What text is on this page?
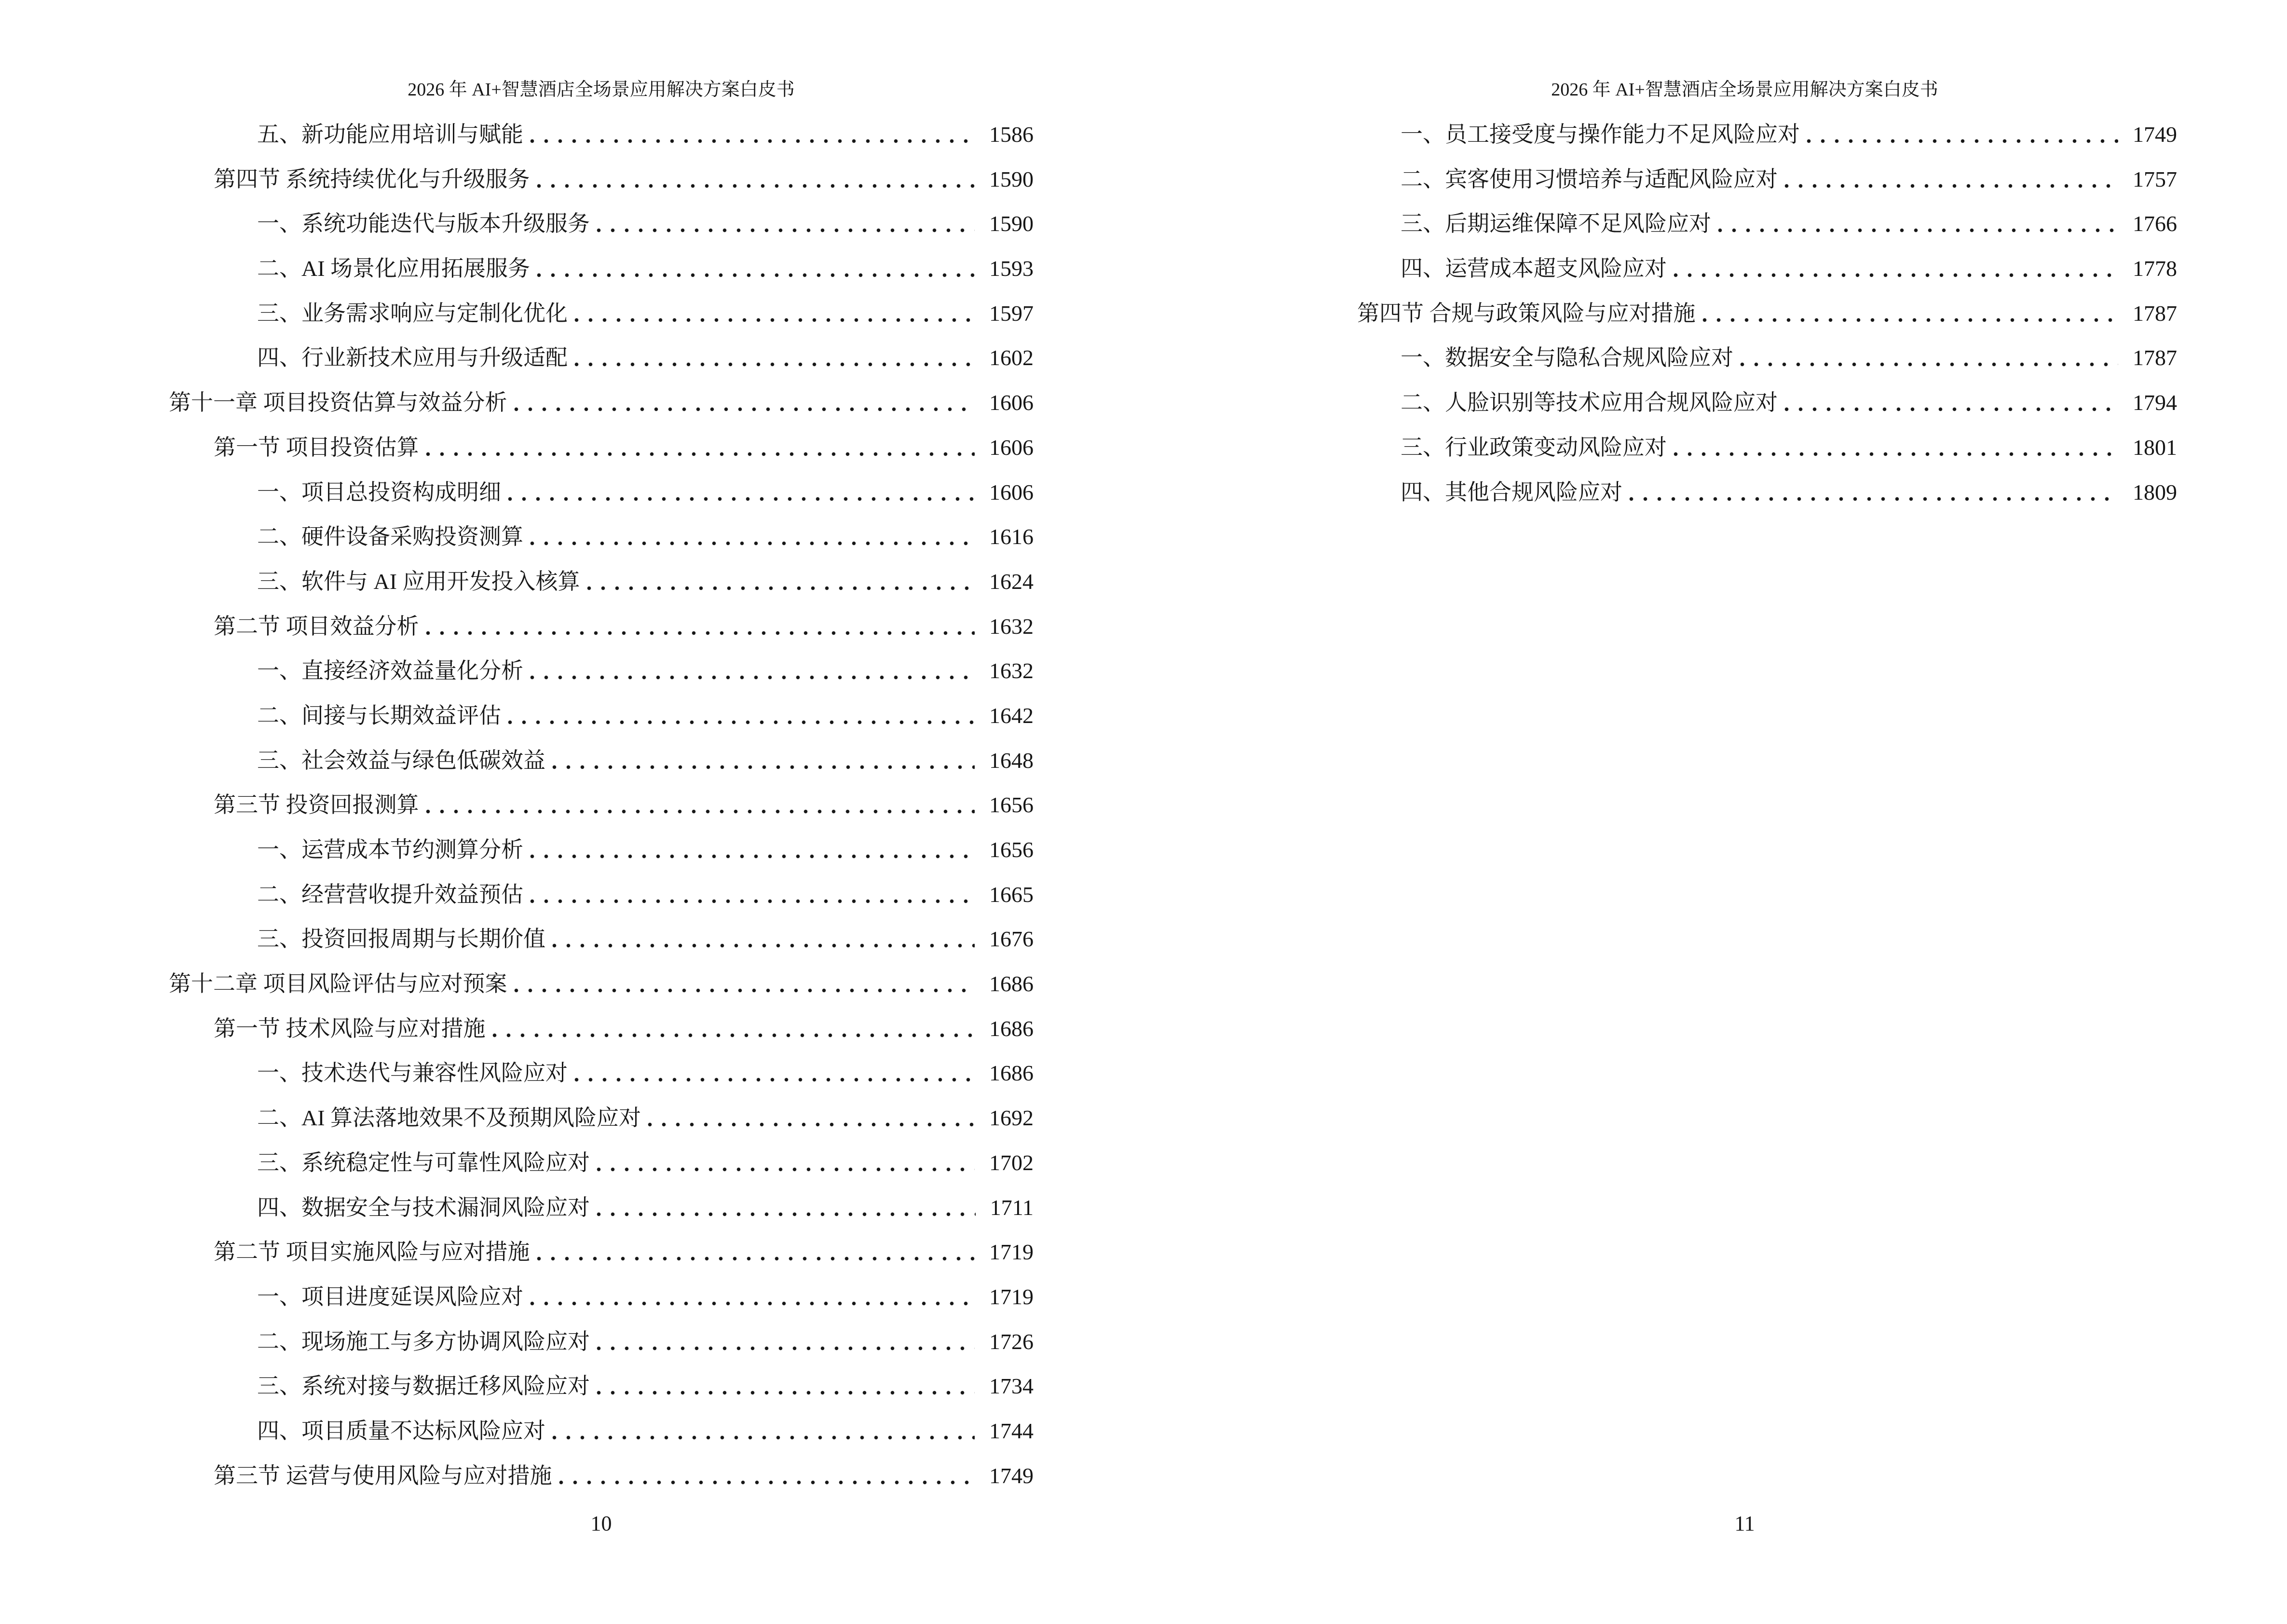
2026 年 AI+智慧酒店全场景应用解决方案白皮书
五、新功能应用培训与赋能	1586
第四节 系统持续优化与升级服务	1590
一、系统功能迭代与版本升级服务	1590
二、AI 场景化应用拓展服务	1593
三、业务需求响应与定制化优化	1597
四、行业新技术应用与升级适配	1602
第十一章 项目投资估算与效益分析	1606
第一节 项目投资估算	1606
一、项目总投资构成明细	1606
二、硬件设备采购投资测算	1616
三、软件与 AI 应用开发投入核算	1624
第二节 项目效益分析	1632
一、直接经济效益量化分析	1632
二、间接与长期效益评估	1642
三、社会效益与绿色低碳效益	1648
第三节 投资回报测算	1656
一、运营成本节约测算分析	1656
二、经营营收提升效益预估	1665
三、投资回报周期与长期价值	1676
第十二章 项目风险评估与应对预案	1686
第一节 技术风险与应对措施	1686
一、技术迭代与兼容性风险应对	1686
二、AI 算法落地效果不及预期风险应对	1692
三、系统稳定性与可靠性风险应对	1702
四、数据安全与技术漏洞风险应对	1711
第二节 项目实施风险与应对措施	1719
一、项目进度延误风险应对	1719
二、现场施工与多方协调风险应对	1726
三、系统对接与数据迁移风险应对	1734
四、项目质量不达标风险应对	1744
第三节 运营与使用风险与应对措施	1749
10
2026 年 AI+智慧酒店全场景应用解决方案白皮书
一、员工接受度与操作能力不足风险应对	1749
二、宾客使用习惯培养与适配风险应对	1757
三、后期运维保障不足风险应对	1766
四、运营成本超支风险应对	1778
第四节 合规与政策风险与应对措施	1787
一、数据安全与隐私合规风险应对	1787
二、人脸识别等技术应用合规风险应对	1794
三、行业政策变动风险应对	1801
四、其他合规风险应对	1809
11
